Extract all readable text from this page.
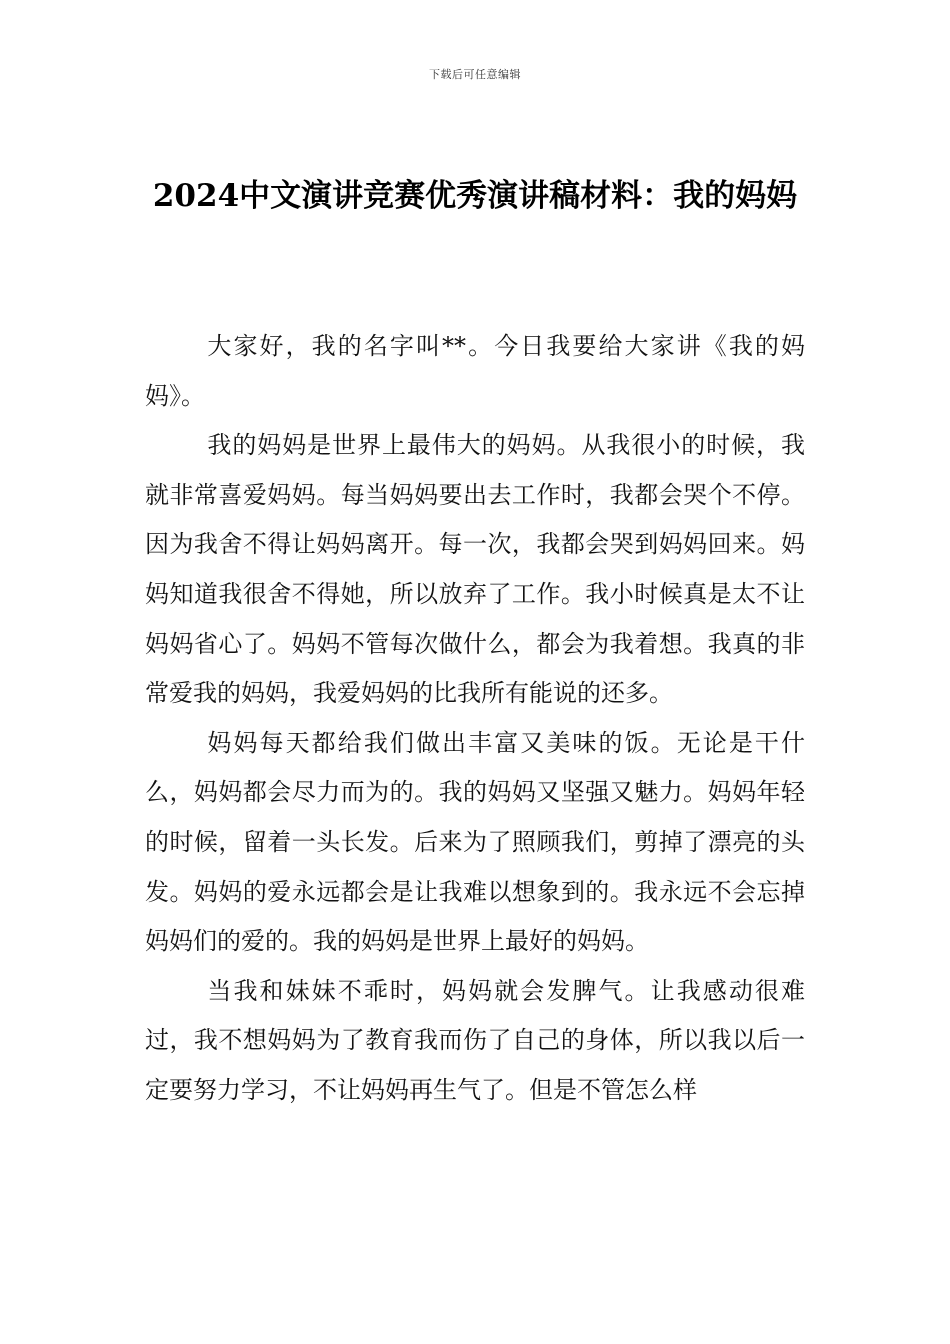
下载后可任意编辑
2024中文演讲竞赛优秀演讲稿材料：我的妈妈

大家好，我的名字叫**。今日我要给大家讲《我的妈妈》。

我的妈妈是世界上最伟大的妈妈。从我很小的时候，我就非常喜爱妈妈。每当妈妈要出去工作时，我都会哭个不停。因为我舍不得让妈妈离开。每一次，我都会哭到妈妈回来。妈妈知道我很舍不得她，所以放弃了工作。我小时候真是太不让妈妈省心了。妈妈不管每次做什么，都会为我着想。我真的非常爱我的妈妈，我爱妈妈的比我所有能说的还多。

妈妈每天都给我们做出丰富又美味的饭。无论是干什么，妈妈都会尽力而为的。我的妈妈又坚强又魅力。妈妈年轻的时候，留着一头长发。后来为了照顾我们，剪掉了漂亮的头发。妈妈的爱永远都会是让我难以想象到的。我永远不会忘掉妈妈们的爱的。我的妈妈是世界上最好的妈妈。

当我和妹妹不乖时，妈妈就会发脾气。让我感动很难过，我不想妈妈为了教育我而伤了自己的身体，所以我以后一定要努力学习，不让妈妈再生气了。但是不管怎么样
